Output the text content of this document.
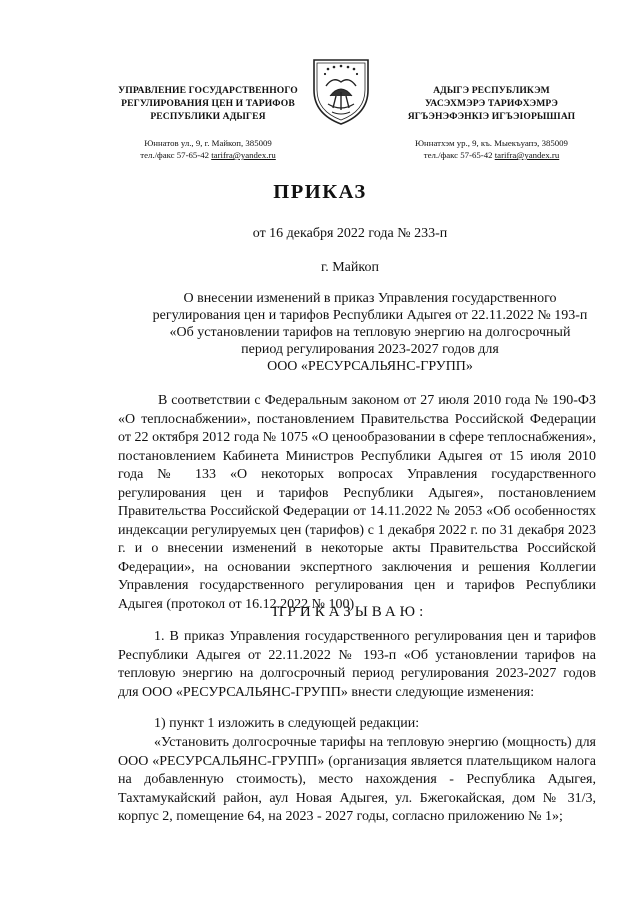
УПРАВЛЕНИЕ ГОСУДАРСТВЕННОГО
РЕГУЛИРОВАНИЯ ЦЕН И ТАРИФОВ
РЕСПУБЛИКИ АДЫГЕЯ
Юннатов ул., 9, г. Майкоп, 385009
тел./факс 57-65-42 tarifra@yandex.ru
АДЫГЭ РЕСПУБЛИКЭМ
УАСЭХМЭРЭ ТАРИФХЭМРЭ
ЯГЪЭНЭФЭНКІЭ ИГЪЭІОРЫШІАП
Юннатхэм ур., 9, къ. Мыекъуапэ, 385009
тел./факс 57-65-42 tarifra@yandex.ru
ПРИКАЗ
от 16 декабря 2022 года № 233-п
г. Майкоп
О внесении изменений в приказ Управления государственного
регулирования цен и тарифов Республики Адыгея от 22.11.2022 № 193-п
«Об установлении тарифов на тепловую энергию на долгосрочный
период регулирования 2023-2027 годов для
ООО «РЕСУРСАЛЬЯНС-ГРУПП»
В соответствии с Федеральным законом от 27 июля 2010 года № 190-ФЗ «О теплоснабжении», постановлением Правительства Российской Федерации от 22 октября 2012 года № 1075 «О ценообразовании в сфере теплоснабжения», постановлением Кабинета Министров Республики Адыгея от 15 июля 2010 года № 133 «О некоторых вопросах Управления государственного регулирования цен и тарифов Республики Адыгея», постановлением Правительства Российской Федерации от 14.11.2022 № 2053 «Об особенностях индексации регулируемых цен (тарифов) с 1 декабря 2022 г. по 31 декабря 2023 г. и о внесении изменений в некоторые акты Правительства Российской Федерации», на основании экспертного заключения и решения Коллегии Управления государственного регулирования цен и тарифов Республики Адыгея (протокол от 16.12.2022 № 100)
ПРИКАЗЫВАЮ:
1. В приказ Управления государственного регулирования цен и тарифов Республики Адыгея от 22.11.2022 № 193-п «Об установлении тарифов на тепловую энергию на долгосрочный период регулирования 2023-2027 годов для ООО «РЕСУРСАЛЬЯНС-ГРУПП» внести следующие изменения:
1) пункт 1 изложить в следующей редакции:
«Установить долгосрочные тарифы на тепловую энергию (мощность) для ООО «РЕСУРСАЛЬЯНС-ГРУПП» (организация является плательщиком налога на добавленную стоимость), место нахождения - Республика Адыгея, Тахтамукайский район, аул Новая Адыгея, ул. Бжегокайская, дом № 31/3, корпус 2, помещение 64, на 2023 - 2027 годы, согласно приложению № 1»;
